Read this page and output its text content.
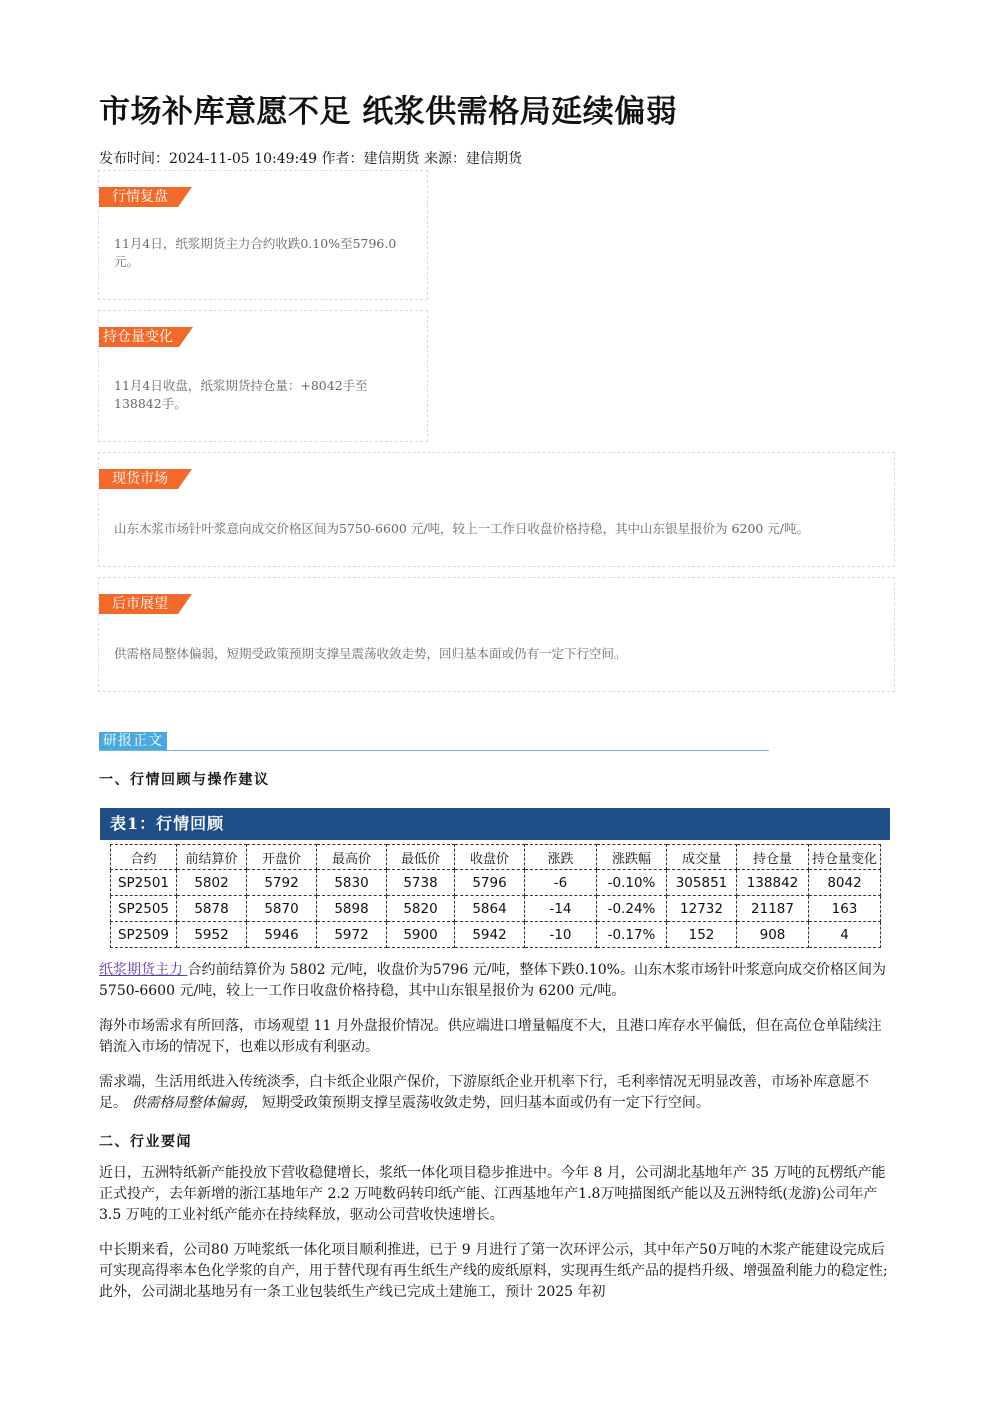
市场补库意愿不足 纸浆供需格局延续偏弱
发布时间：2024-11-05 10:49:49 作者：建信期货 来源：建信期货
行情复盘
11月4日，纸浆期货主力合约收跌0.10%至5796.0元。
持仓量变化
11月4日收盘，纸浆期货持仓量：+8042手至138842手。
现货市场
山东木浆市场针叶浆意向成交价格区间为5750-6600 元/吨，较上一工作日收盘价格持稳，其中山东银星报价为 6200 元/吨。
后市展望
供需格局整体偏弱，短期受政策预期支撑呈震荡收敛走势，回归基本面或仍有一定下行空间。
研报正文
一、行情回顾与操作建议
表1：行情回顾
合约	前结算价	开盘价	最高价	最低价	收盘价	涨跌	涨跌幅	成交量	持仓量	持仓量变化
SP2501	5802	5792	5830	5738	5796	-6	-0.10%	305851	138842	8042
SP2505	5878	5870	5898	5820	5864	-14	-0.24%	12732	21187	163
SP2509	5952	5946	5972	5900	5942	-10	-0.17%	152	908	4

纸浆期货主力 合约前结算价为 5802 元/吨，收盘价为5796 元/吨，整体下跌0.10%。山东木浆市场针叶浆意向成交价格区间为5750-6600 元/吨，较上一工作日收盘价格持稳，其中山东银星报价为 6200 元/吨。

海外市场需求有所回落，市场观望 11 月外盘报价情况。供应端进口增量幅度不大，且港口库存水平偏低，但在高位仓单陆续注销流入市场的情况下，也难以形成有利驱动。

需求端，生活用纸进入传统淡季，白卡纸企业限产保价，下游原纸企业开机率下行，毛利率情况无明显改善，市场补库意愿不足。 供需格局整体偏弱， 短期受政策预期支撑呈震荡收敛走势，回归基本面或仍有一定下行空间。

二、行业要闻

近日，五洲特纸新产能投放下营收稳健增长，浆纸一体化项目稳步推进中。今年 8 月，公司湖北基地年产 35 万吨的瓦楞纸产能正式投产，去年新增的浙江基地年产 2.2 万吨数码转印纸产能、江西基地年产1.8万吨描图纸产能以及五洲特纸(龙游)公司年产3.5 万吨的工业衬纸产能亦在持续释放，驱动公司营收快速增长。

中长期来看，公司80 万吨浆纸一体化项目顺利推进，已于 9 月进行了第一次环评公示，其中年产50万吨的木浆产能建设完成后可实现高得率本色化学浆的自产，用于替代现有再生纸生产线的废纸原料，实现再生纸产品的提档升级、增强盈利能力的稳定性;此外，公司湖北基地另有一条工业包装纸生产线已完成土建施工，预计 2025 年初
